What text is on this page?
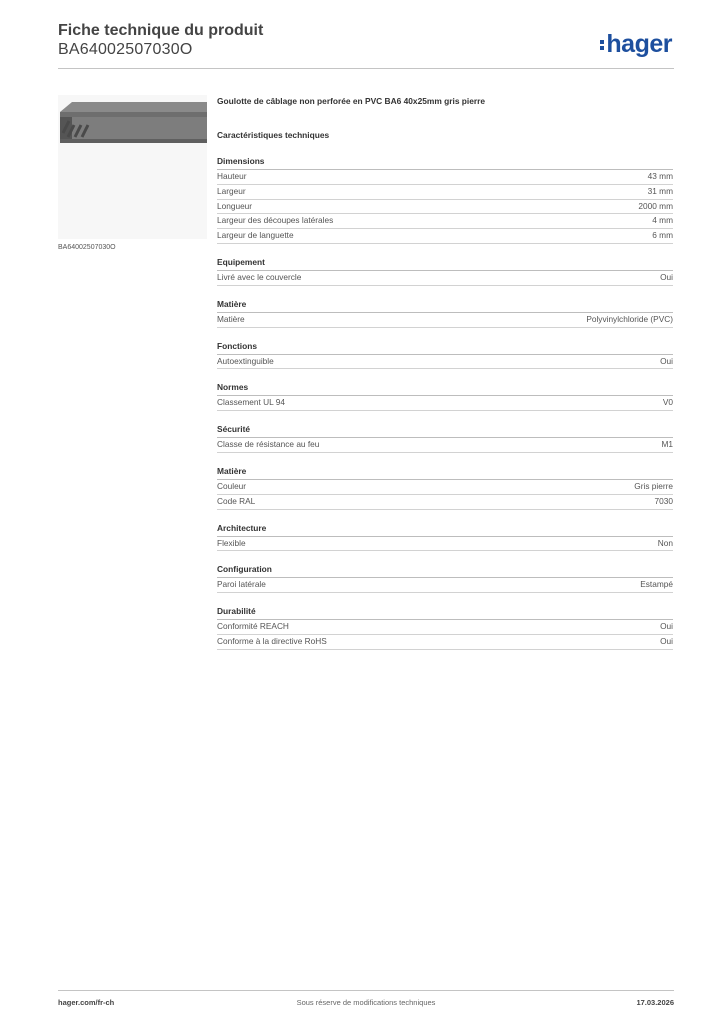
Fiche technique du produit
BA64002507030O	hager
BA64002507030O
Goulotte de câblage non perforée en PVC BA6 40x25mm gris pierre
Caractéristiques techniques
Dimensions
Hauteur	43 mm
Largeur	31 mm
Longueur	2000 mm
Largeur des découpes latérales	4 mm
Largeur de languette	6 mm
Equipement
Livré avec le couvercle	Oui
Matière
Matière	Polyvinylchloride (PVC)
Fonctions
Autoextinguible	Oui
Normes
Classement UL 94	V0
Sécurité
Classe de résistance au feu	M1
Matière
Couleur	Gris pierre
Code RAL	7030
Architecture
Flexible	Non
Configuration
Paroi latérale	Estampé
Durabilité
Conformité REACH	Oui
Conforme à la directive RoHS	Oui
hager.com/fr-ch	Sous réserve de modifications techniques	17.03.2026
